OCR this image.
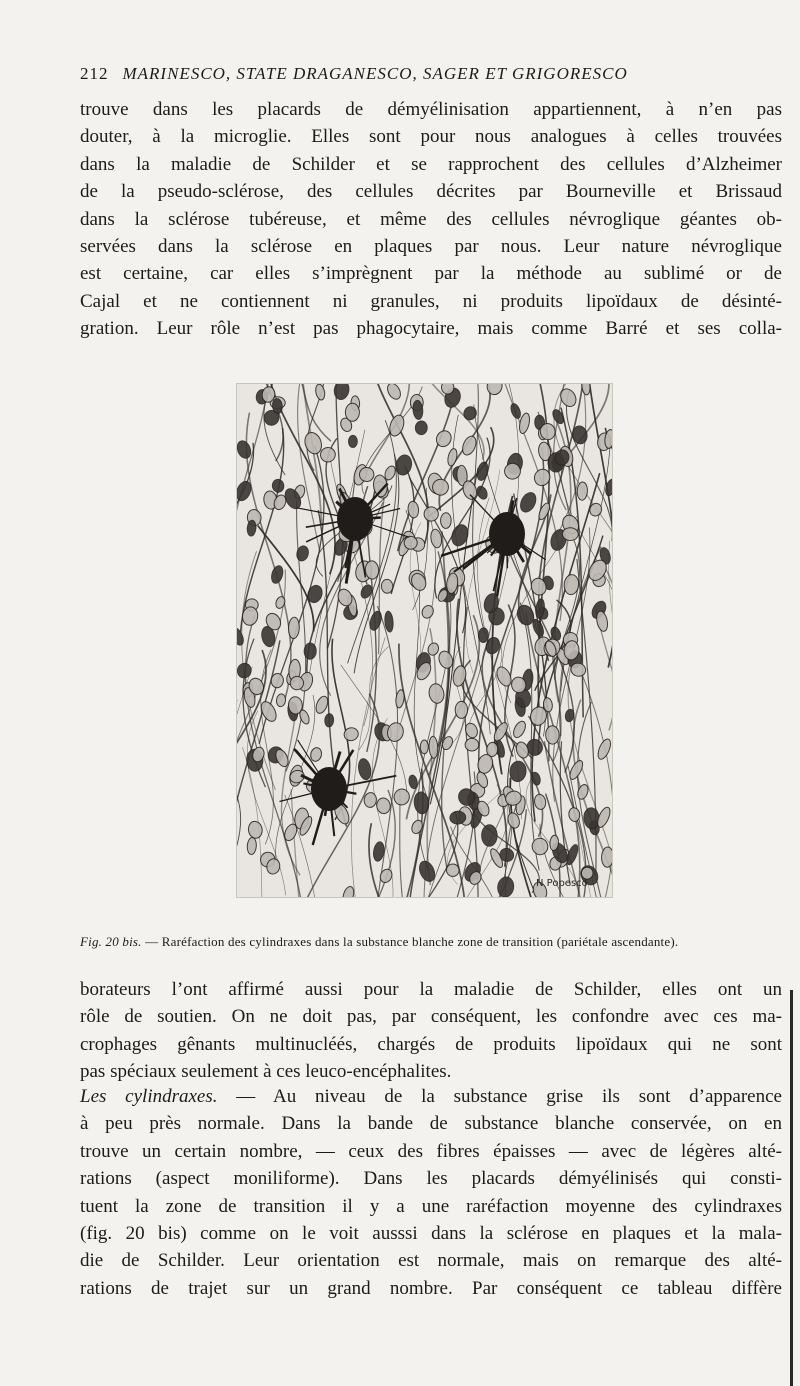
212 MARINESCO, STATE DRAGANESCO, SAGER ET GRIGORESCO
trouve dans les placards de démyélinisation appartiennent, à n’en pas
douter, à la microglie. Elles sont pour nous analogues à celles trouvées
dans la maladie de Schilder et se rapprochent des cellules d’Alzheimer
de la pseudo-sclérose, des cellules décrites par Bourneville et Brissaud
dans la sclérose tubéreuse, et même des cellules névroglique géantes ob-
servées dans la sclérose en plaques par nous. Leur nature névroglique
est certaine, car elles s’imprègnent par la méthode au sublimé or de
Cajal et ne contiennent ni granules, ni produits lipoïdaux de désinté-
gration. Leur rôle n’est pas phagocytaire, mais comme Barré et ses colla-
N Popesco
Fig. 20 bis. — Raréfaction des cylindraxes dans la substance blanche zone de transition (pariétale ascendante).
borateurs l’ont affirmé aussi pour la maladie de Schilder, elles ont un
rôle de soutien. On ne doit pas, par conséquent, les confondre avec ces ma-
crophages gênants multinucléés, chargés de produits lipoïdaux qui ne sont
pas spéciaux seulement à ces leuco-encéphalites.
Les cylindraxes. — Au niveau de la substance grise ils sont d’apparence
à peu près normale. Dans la bande de substance blanche conservée, on en
trouve un certain nombre, — ceux des fibres épaisses — avec de légères alté-
rations (aspect moniliforme). Dans les placards démyélinisés qui consti-
tuent la zone de transition il y a une raréfaction moyenne des cylindraxes
(fig. 20 bis) comme on le voit ausssi dans la sclérose en plaques et la mala-
die de Schilder. Leur orientation est normale, mais on remarque des alté-
rations de trajet sur un grand nombre. Par conséquent ce tableau diffère
